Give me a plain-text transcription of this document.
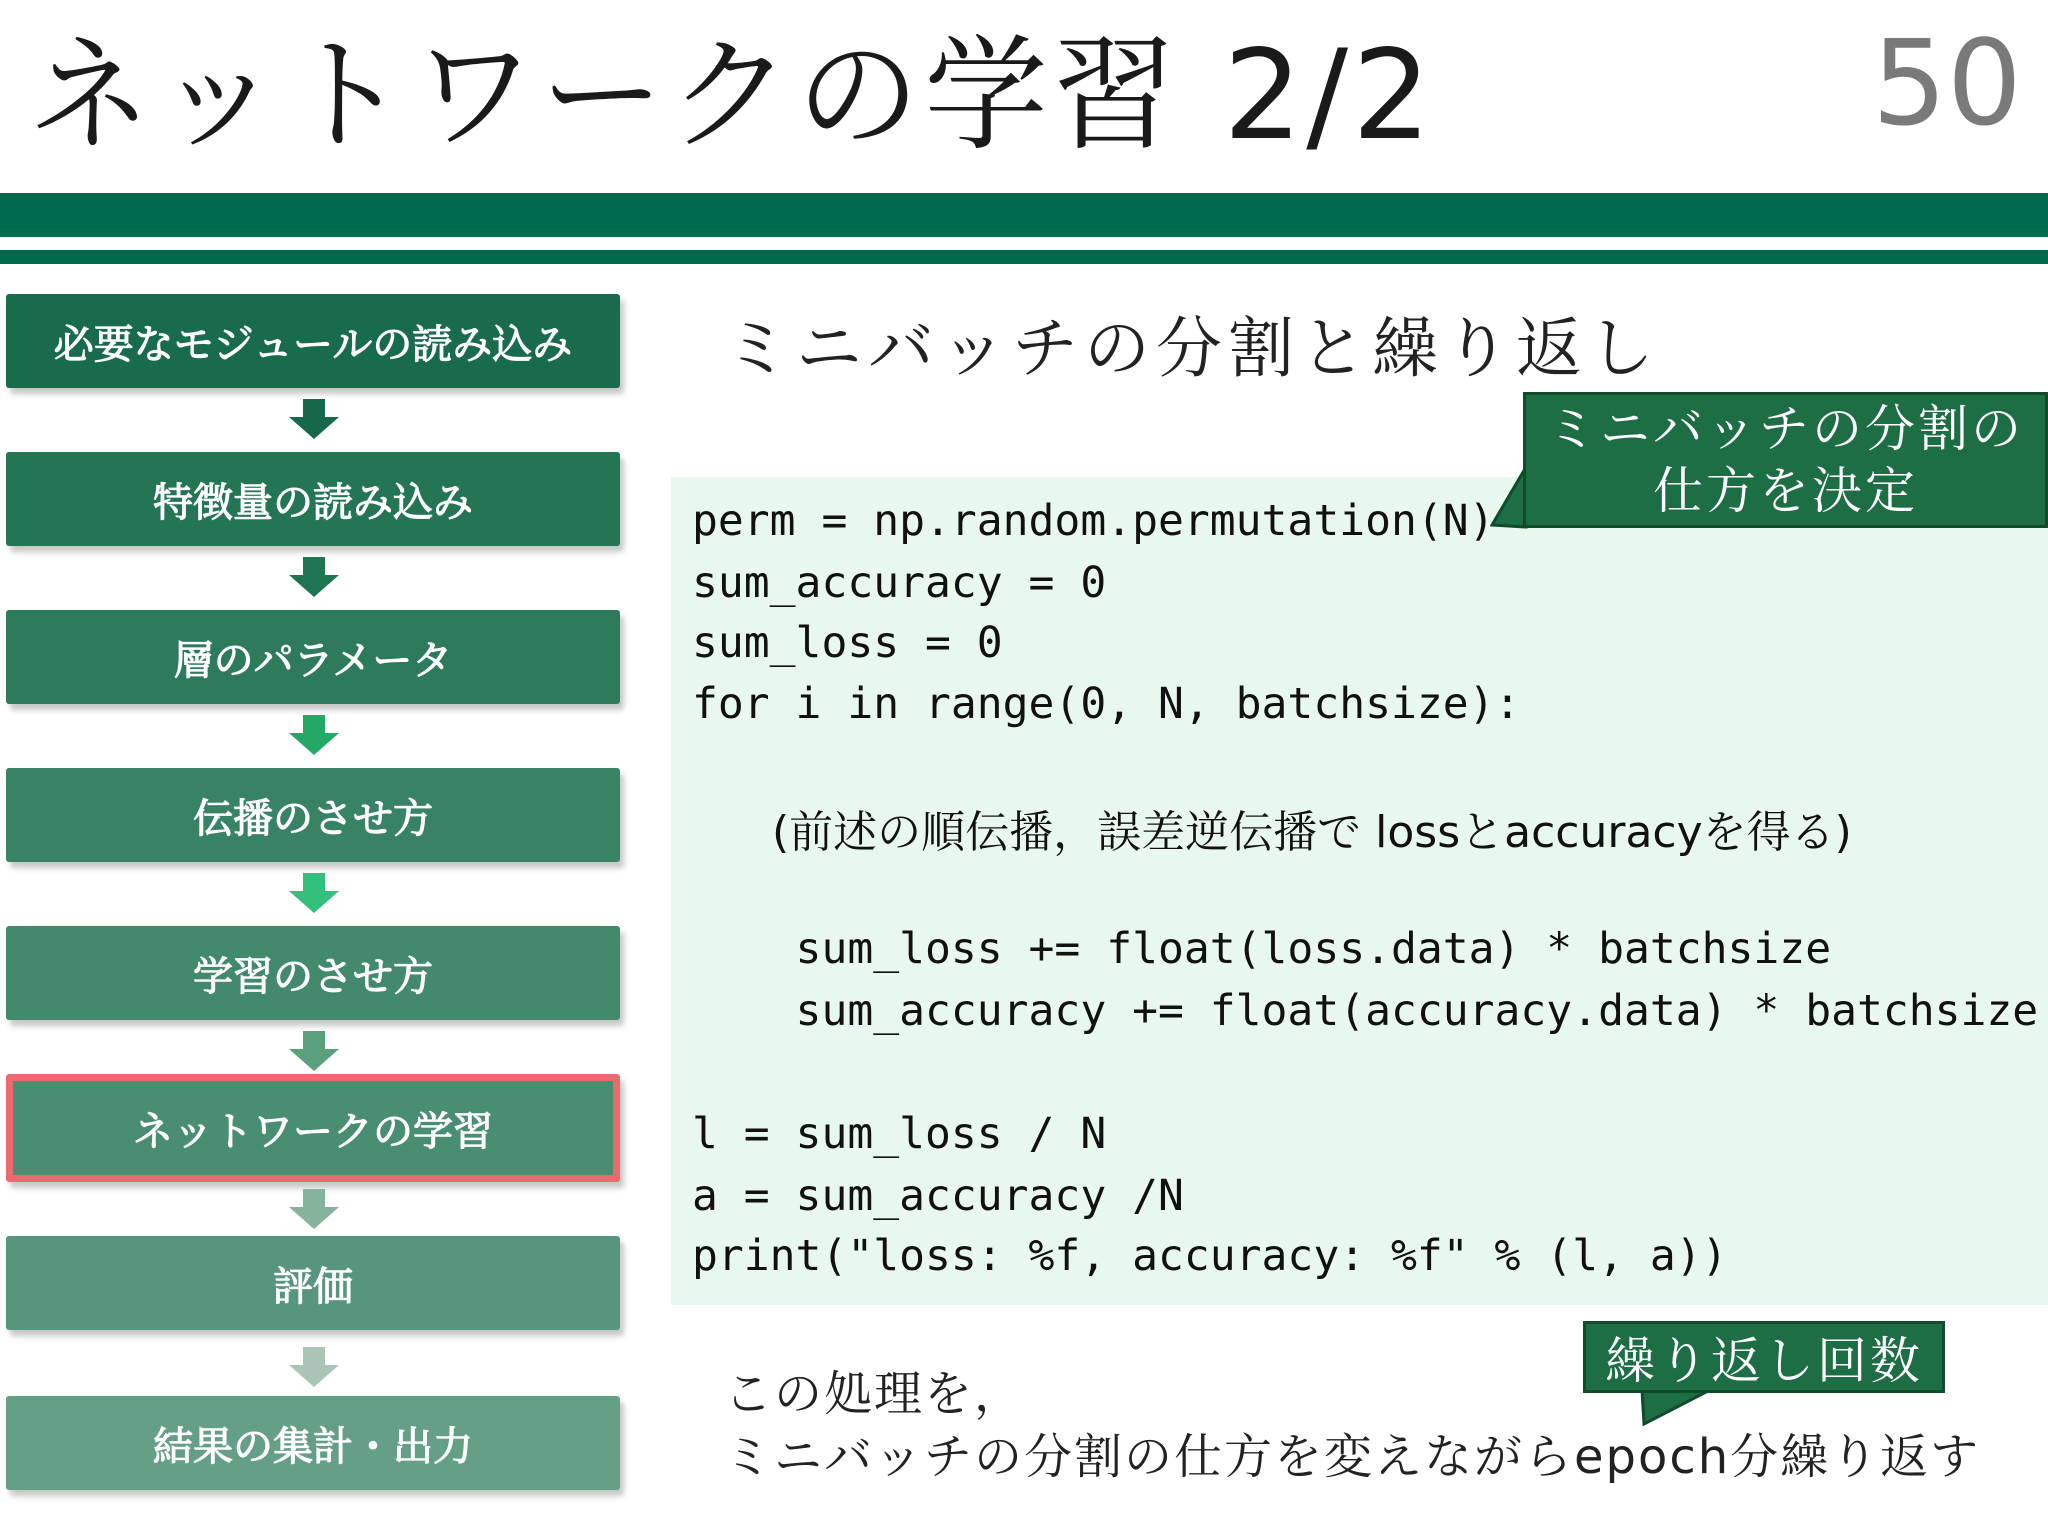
ネットワークの学習 2/2	50
必要なモジュールの読み込み
特徴量の読み込み
層のパラメータ
伝播のさせ方
学習のさせ方
ネットワークの学習
評価
結果の集計・出力
ミニバッチの分割と繰り返し
perm = np.random.permutation(N)
sum_accuracy = 0
sum_loss = 0
for i in range(0, N, batchsize):
(前述の順伝播，誤差逆伝播で lossとaccuracyを得る)
sum_loss += float(loss.data) * batchsize
sum_accuracy += float(accuracy.data) * batchsize
l = sum_loss / N
a = sum_accuracy /N
print("loss: %f, accuracy: %f" % (l, a))
ミニバッチの分割の
仕方を決定
繰り返し回数

この処理を，

ミニバッチの分割の仕方を変えながらepoch分繰り返す
